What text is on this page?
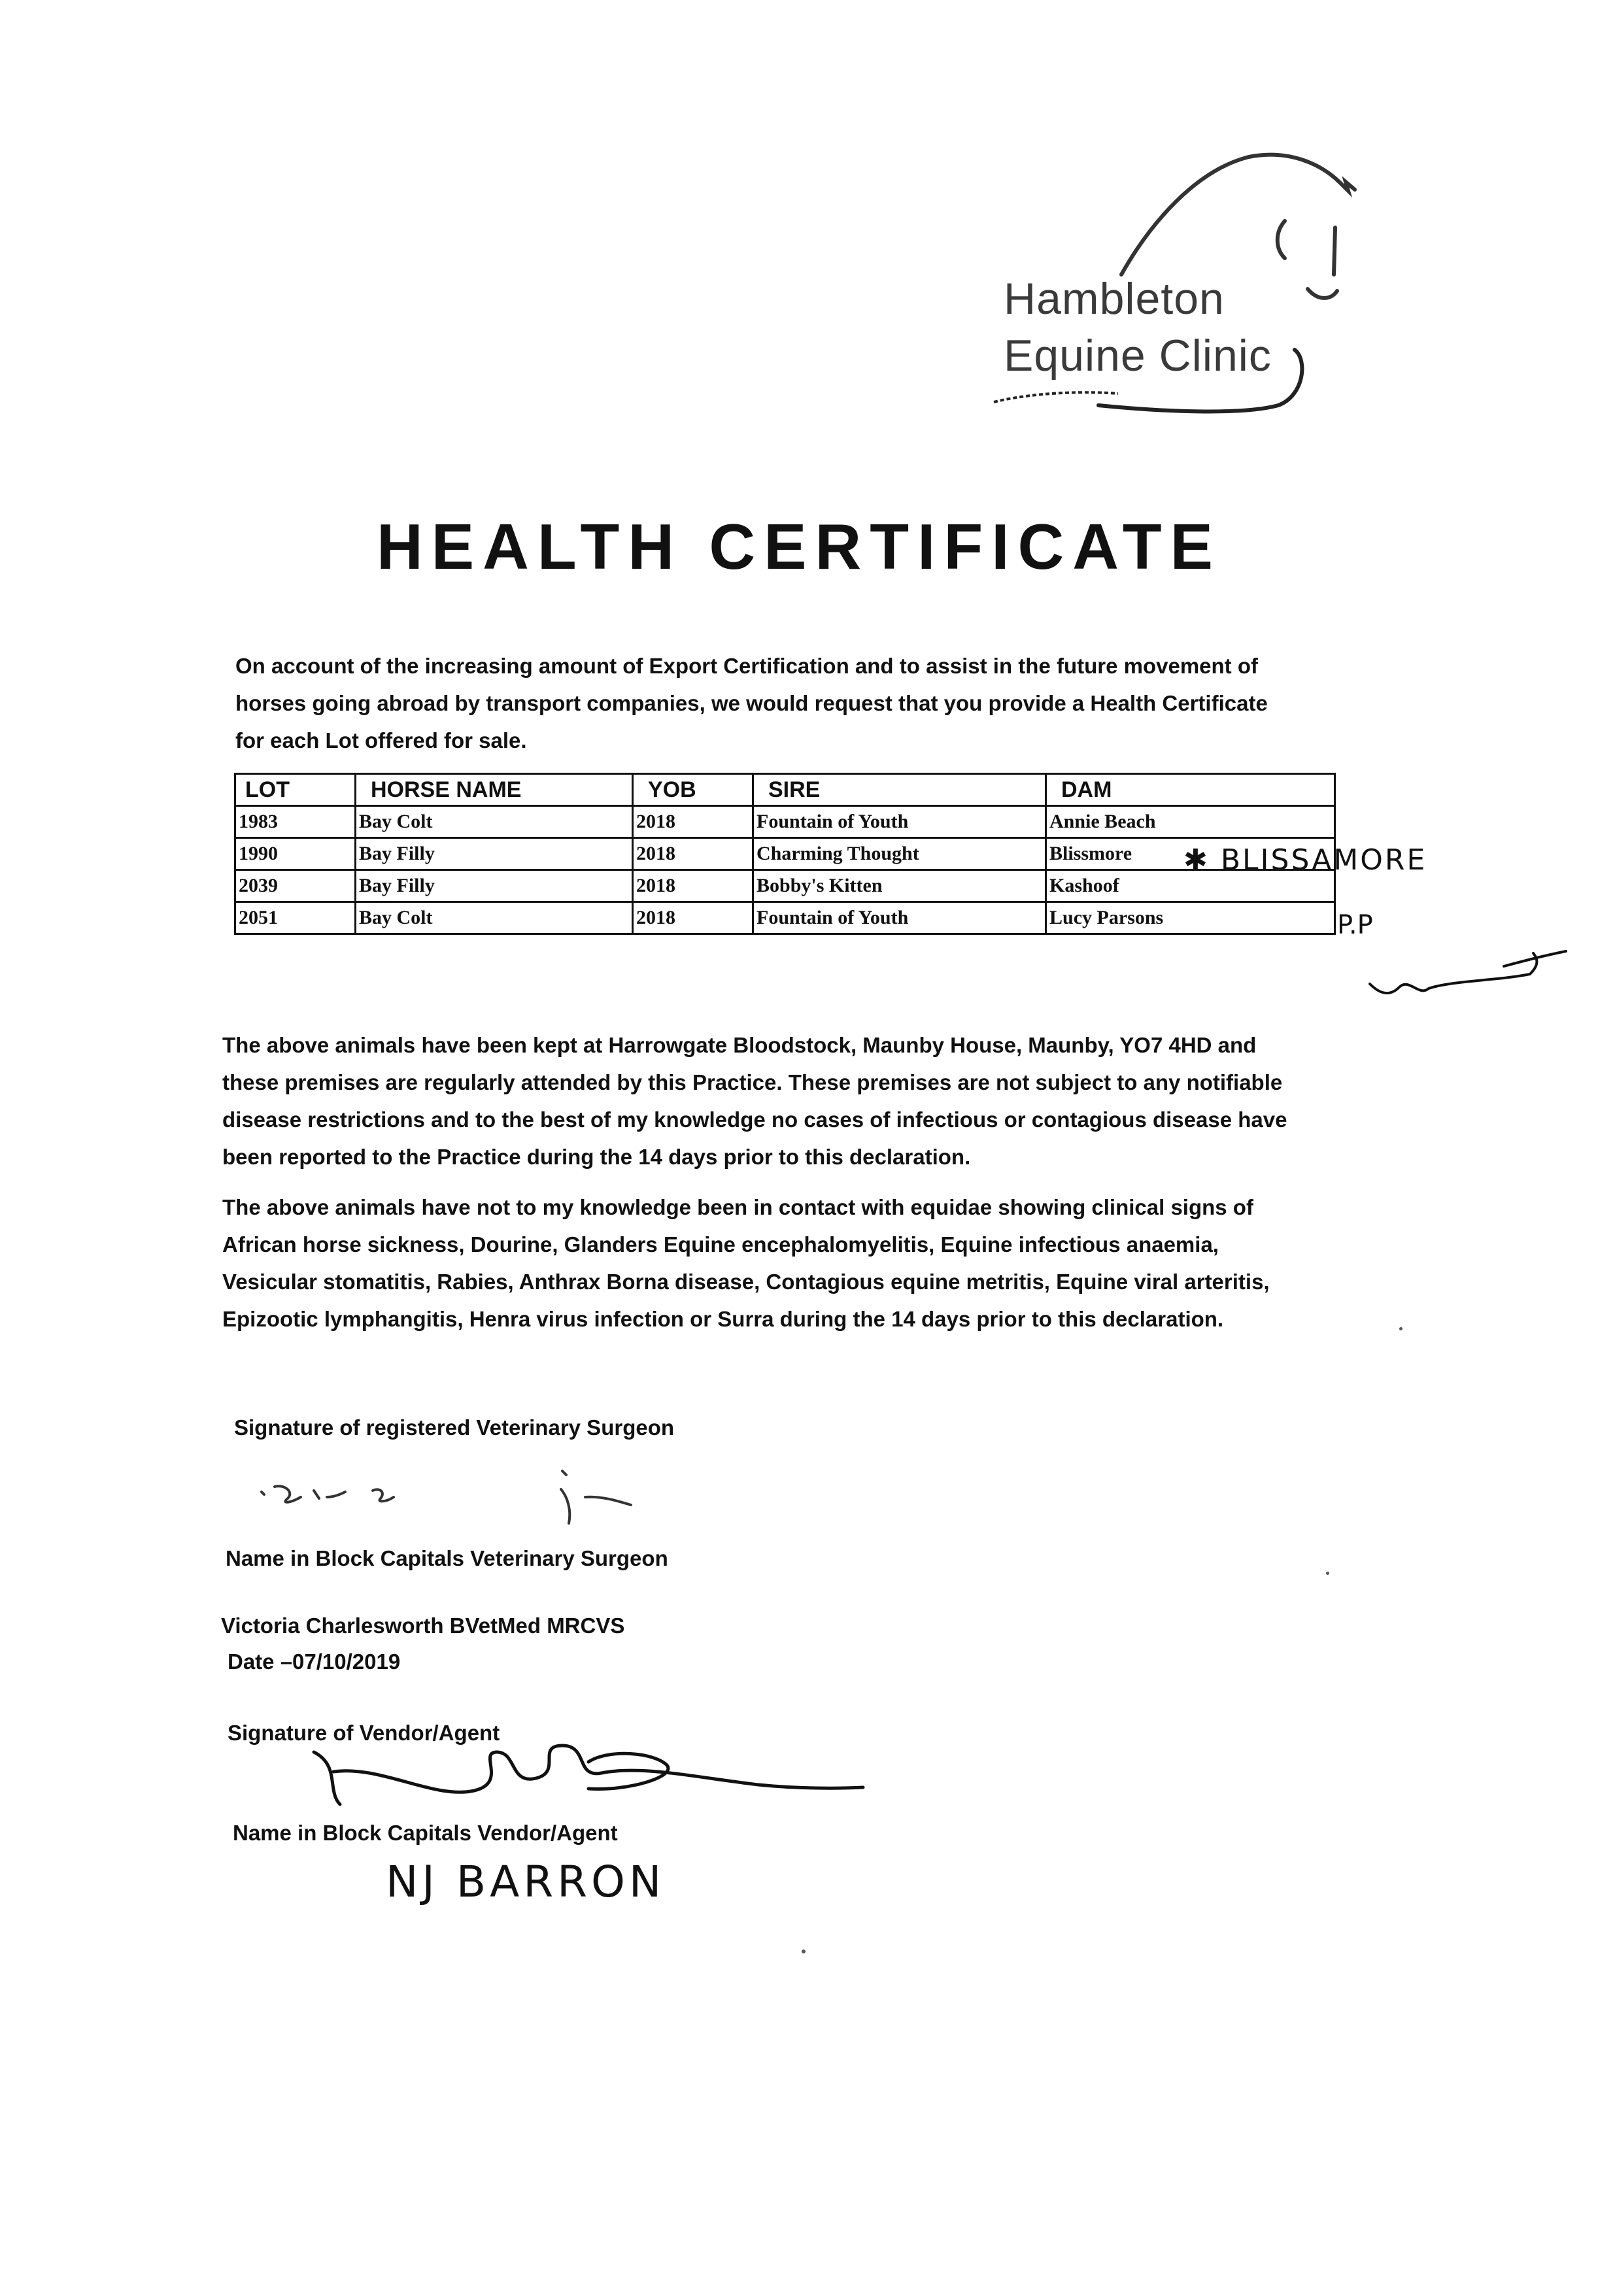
Hambleton
Equine Clinic
HEALTH CERTIFICATE
On account of the increasing amount of Export Certification and to assist in the future movement of
horses going abroad by transport companies, we would request that you provide a Health Certificate
for each Lot offered for sale.
LOT	HORSE NAME	YOB	SIRE	DAM
1983	Bay Colt	2018	Fountain of Youth	Annie Beach
1990	Bay Filly	2018	Charming Thought	Blissmore
2039	Bay Filly	2018	Bobby's Kitten	Kashoof
2051	Bay Colt	2018	Fountain of Youth	Lucy Parsons
✱ BLISSAMORE
P.P
The above animals have been kept at Harrowgate Bloodstock, Maunby House, Maunby, YO7 4HD and
these premises are regularly attended by this Practice. These premises are not subject to any notifiable
disease restrictions and to the best of my knowledge no cases of infectious or contagious disease have
been reported to the Practice during the 14 days prior to this declaration.
The above animals have not to my knowledge been in contact with equidae showing clinical signs of
African horse sickness, Dourine, Glanders Equine encephalomyelitis, Equine infectious anaemia,
Vesicular stomatitis, Rabies, Anthrax Borna disease, Contagious equine metritis, Equine viral arteritis,
Epizootic lymphangitis, Henra virus infection or Surra during the 14 days prior to this declaration.
Signature of registered Veterinary Surgeon
Name in Block Capitals Veterinary Surgeon
Victoria Charlesworth BVetMed MRCVS
Date –07/10/2019
Signature of Vendor/Agent
Name in Block Capitals Vendor/Agent
NJ BARRON
